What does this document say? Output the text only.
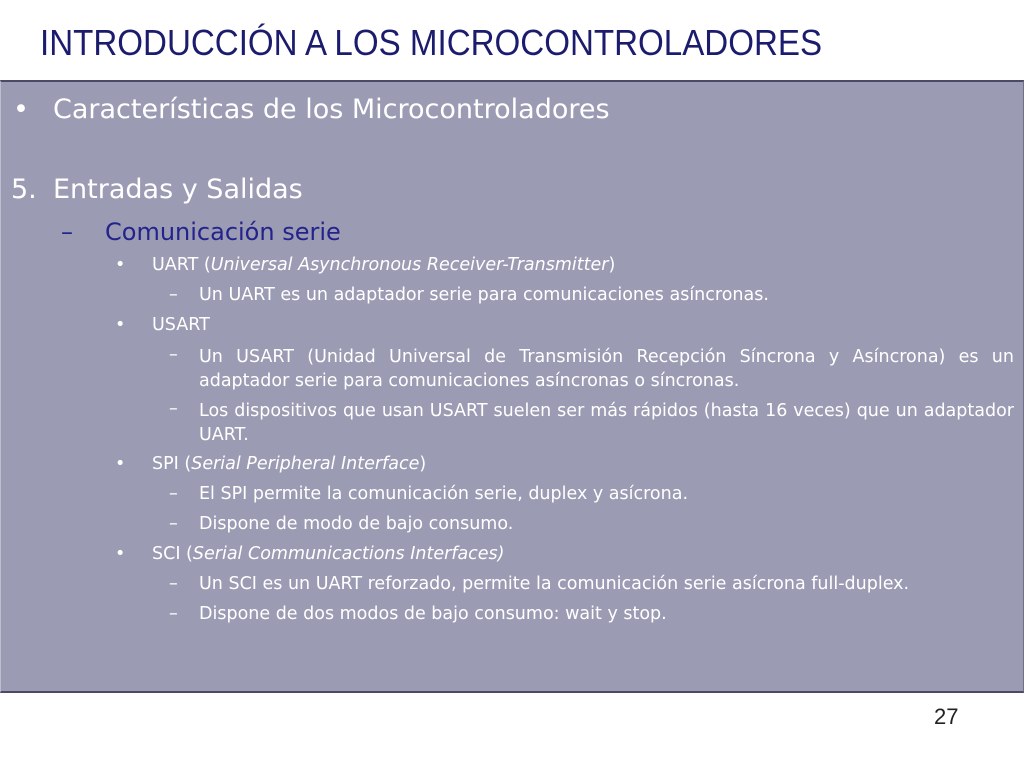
INTRODUCCIÓN A LOS MICROCONTROLADORES
• Características de los Microcontroladores
5. Entradas y Salidas
– Comunicación serie
• UART (Universal Asynchronous Receiver-Transmitter)
– Un UART es un adaptador serie para comunicaciones asíncronas.
• USART
– Un USART (Unidad Universal de Transmisión Recepción Síncrona y Asíncrona) es un adaptador serie para comunicaciones asíncronas o síncronas.
– Los dispositivos que usan USART suelen ser más rápidos (hasta 16 veces) que un adaptador UART.
• SPI (Serial Peripheral Interface)
– El SPI permite la comunicación serie, duplex y asícrona.
– Dispone de modo de bajo consumo.
• SCI (Serial Communicactions Interfaces)
– Un SCI es un UART reforzado, permite la comunicación serie asícrona full-duplex.
– Dispone de dos modos de bajo consumo: wait y stop.
27
